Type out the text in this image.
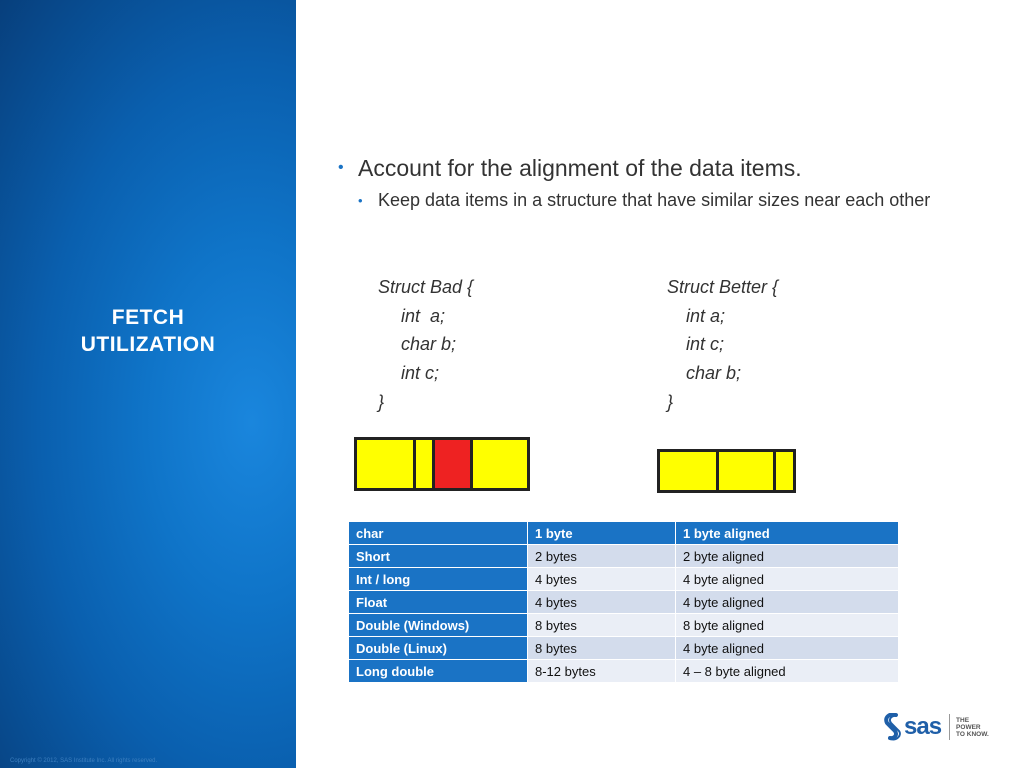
FETCH
UTILIZATION
Copyright © 2012, SAS Institute Inc. All rights reserved.
• Account for the alignment of the data items.
• Keep data items in a structure that have similar sizes near each other
Struct Bad {
int  a;
char b;
int c;
}
Struct Better {
int a;
int c;
char b;
}
char	1 byte	1 byte aligned
Short	2 bytes	2 byte aligned
Int / long	4 bytes	4 byte aligned
Float	4 bytes	4 byte aligned
Double (Windows)	8 bytes	8 byte aligned
Double (Linux)	8 bytes	4 byte aligned
Long double	8-12 bytes	4 – 8 byte aligned
sas THE
POWER
TO KNOW.
